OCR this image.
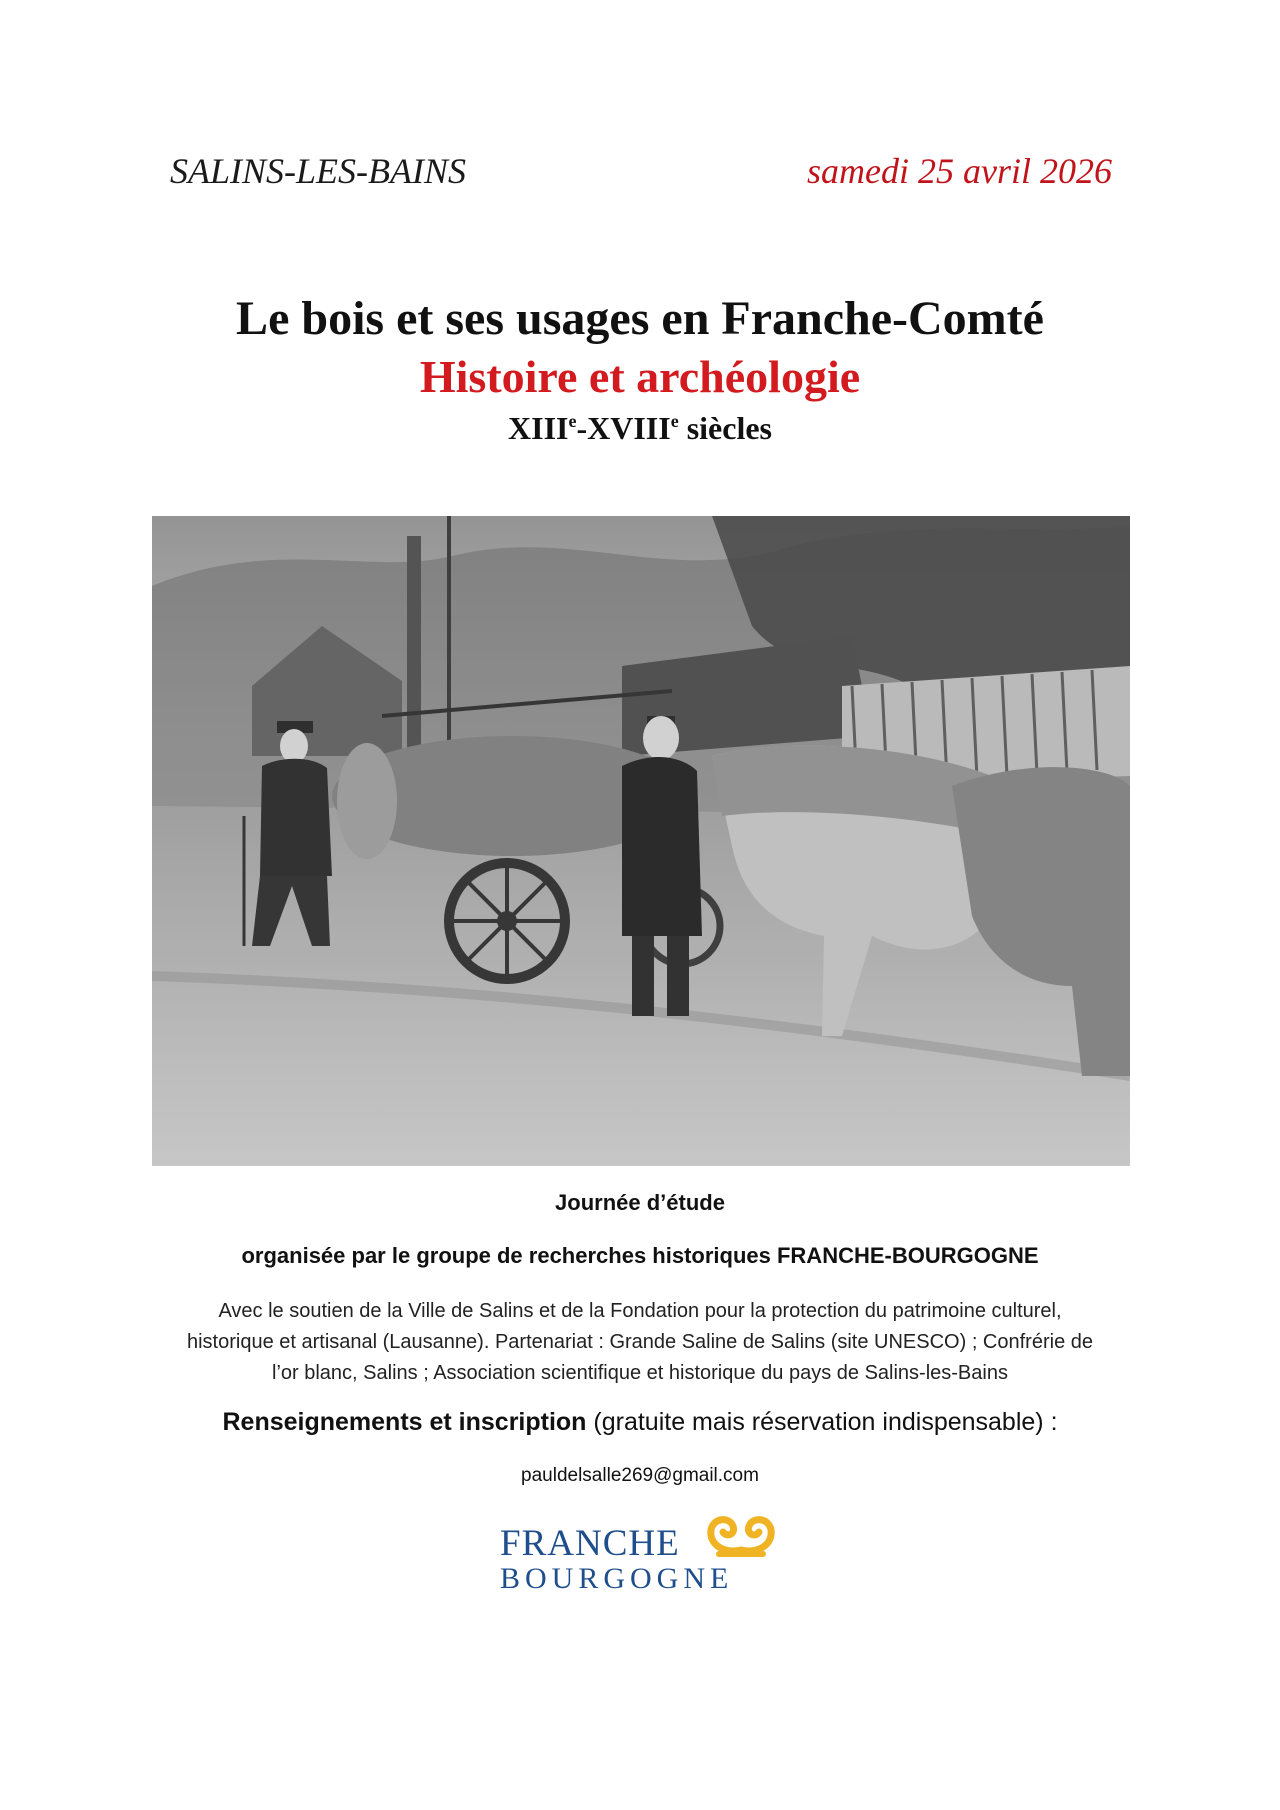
SALINS-LES-BAINS	samedi 25 avril 2026
Le bois et ses usages en Franche-Comté
Histoire et archéologie
XIIIe-XVIIIe siècles
Journée d’étude
organisée par le groupe de recherches historiques FRANCHE-BOURGOGNE
Avec le soutien de la Ville de Salins et de la Fondation pour la protection du patrimoine culturel,
historique et artisanal (Lausanne). Partenariat : Grande Saline de Salins (site UNESCO) ; Confrérie de
l’or blanc, Salins ; Association scientifique et historique du pays de Salins-les-Bains
Renseignements et inscription (gratuite mais réservation indispensable) :
pauldelsalle269@gmail.com
FRANCHE
BOURGOGNE
